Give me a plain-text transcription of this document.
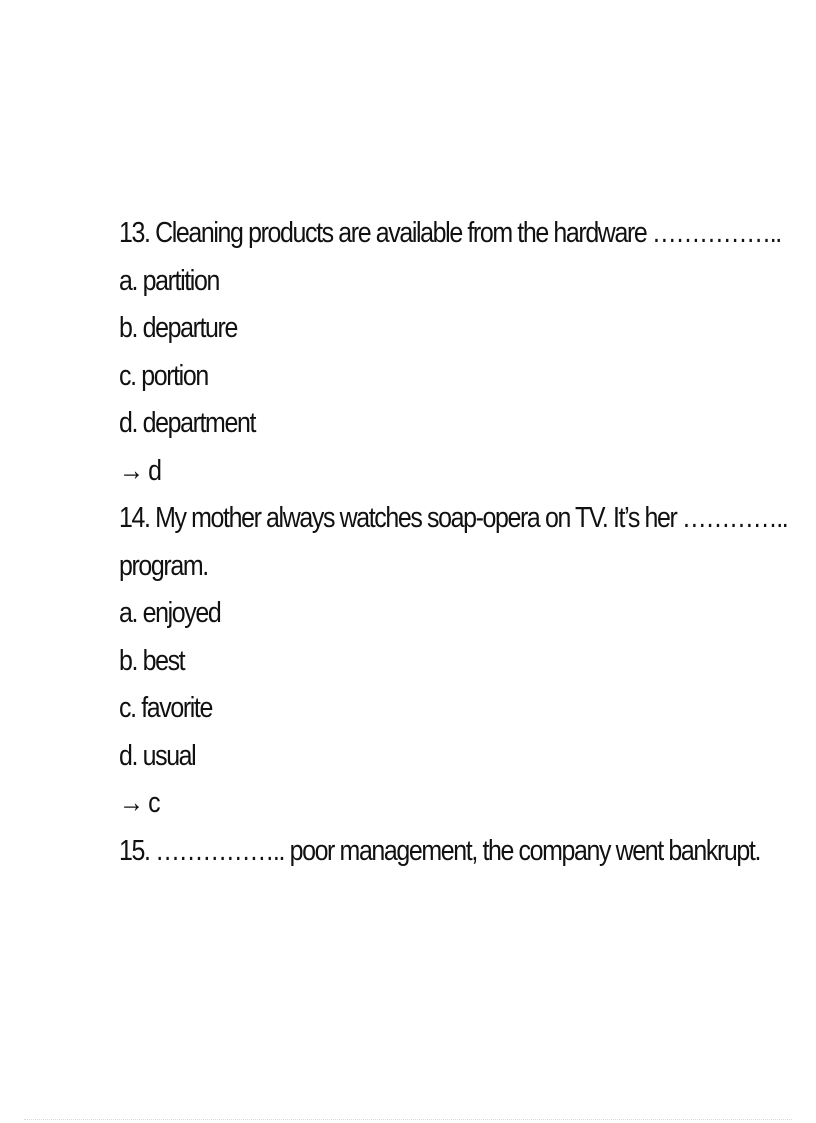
13. Cleaning products are available from the hardware ……………..
a. partition
b. departure
c. portion
d. department
→ d
14. My mother always watches soap-opera on TV. It’s her …………..
program.
a. enjoyed
b. best
c. favorite
d. usual
→ c
15. …………….. poor management, the company went bankrupt.
